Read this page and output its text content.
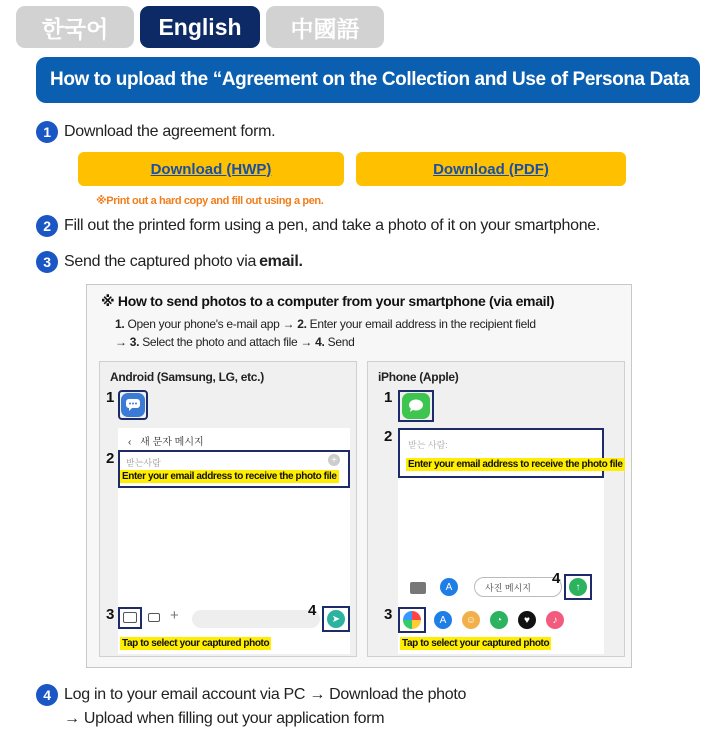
한국어	English	中國語
How to upload the “Agreement on the Collection and Use of Persona Data
1 Download the agreement form.
Download (HWP)	Download (PDF)
※Print out a hard copy and fill out using a pen.
2 Fill out the printed form using a pen, and take a photo of it on your smartphone.
3 Send the captured photo via email.
※ How to send photos to a computer from your smartphone (via email)
1. Open your phone's e-mail app → 2. Enter your email address in the recipient field
→ 3. Select the photo and attach file → 4. Send
Android (Samsung, LG, etc.)
1
‹ 새 문자 메시지
2 받는사람	+
Enter your email address to receive the photo file
3	+	4	➤
Tap to select your captured photo
iPhone (Apple)
1
2 받는 사람:
Enter your email address to receive the photo file
A	사진 메시지
4	↑
3	A	☺	◔	♥	♪
Tap to select your captured photo
4 Log in to your email account via PC → Download the photo
→ Upload when filling out your application form
